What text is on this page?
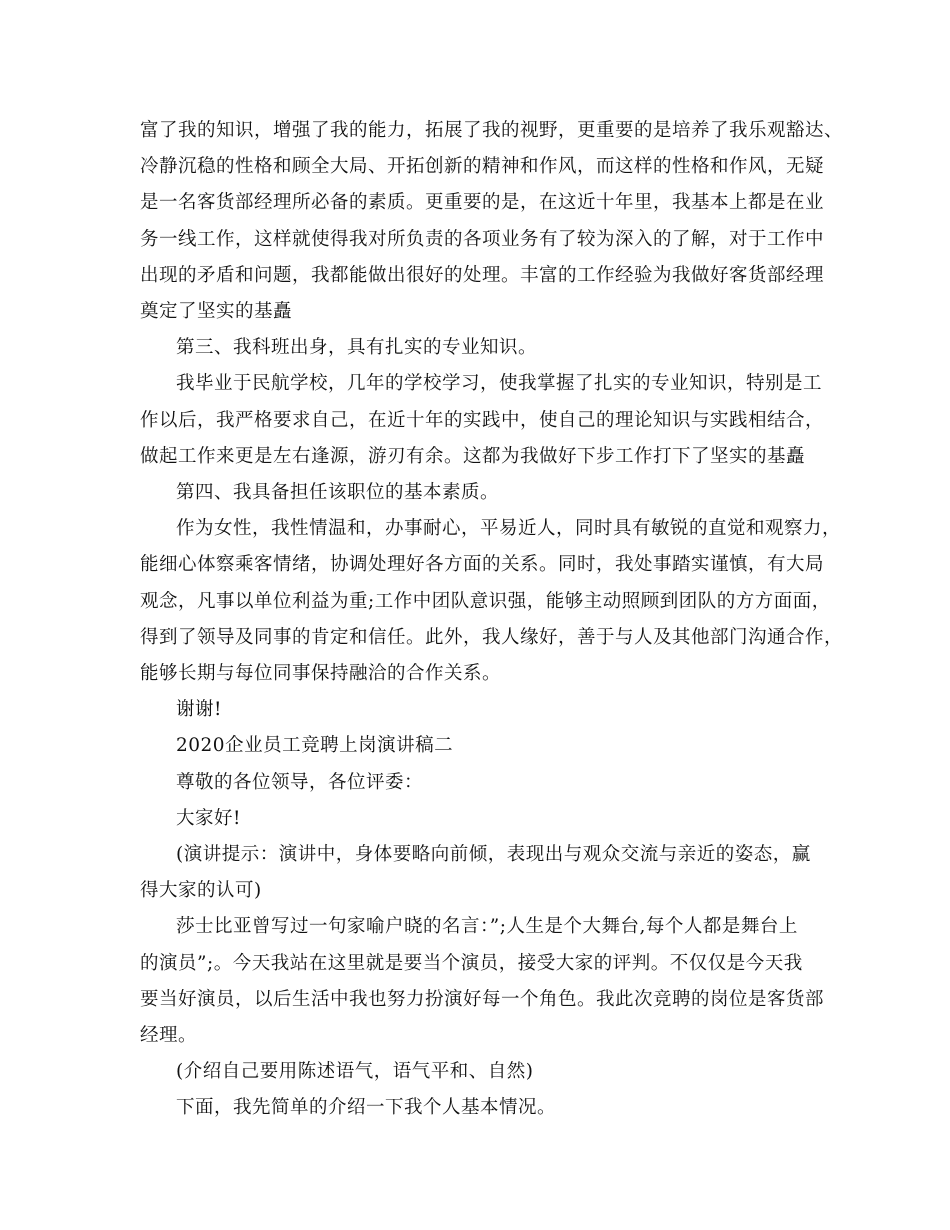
富了我的知识，增强了我的能力，拓展了我的视野，更重要的是培养了我乐观豁达、
冷静沉稳的性格和顾全大局、开拓创新的精神和作风，而这样的性格和作风，无疑
是一名客货部经理所必备的素质。更重要的是，在这近十年里，我基本上都是在业
务一线工作，这样就使得我对所负责的各项业务有了较为深入的了解，对于工作中
出现的矛盾和问题，我都能做出很好的处理。丰富的工作经验为我做好客货部经理
奠定了坚实的基矗
第三、我科班出身，具有扎实的专业知识。
我毕业于民航学校，几年的学校学习，使我掌握了扎实的专业知识，特别是工
作以后，我严格要求自己，在近十年的实践中，使自己的理论知识与实践相结合，
做起工作来更是左右逢源，游刃有余。这都为我做好下步工作打下了坚实的基矗
第四、我具备担任该职位的基本素质。
作为女性，我性情温和，办事耐心，平易近人，同时具有敏锐的直觉和观察力，
能细心体察乘客情绪，协调处理好各方面的关系。同时，我处事踏实谨慎，有大局
观念，凡事以单位利益为重;工作中团队意识强，能够主动照顾到团队的方方面面，
得到了领导及同事的肯定和信任。此外，我人缘好，善于与人及其他部门沟通合作，
能够长期与每位同事保持融洽的合作关系。
谢谢!
2020企业员工竞聘上岗演讲稿二
尊敬的各位领导，各位评委：
大家好!
(演讲提示：演讲中，身体要略向前倾，表现出与观众交流与亲近的姿态，赢
得大家的认可)
莎士比亚曾写过一句家喻户晓的名言：”;人生是个大舞台,每个人都是舞台上
的演员”;。今天我站在这里就是要当个演员，接受大家的评判。不仅仅是今天我
要当好演员，以后生活中我也努力扮演好每一个角色。我此次竞聘的岗位是客货部
经理。
(介绍自己要用陈述语气，语气平和、自然)
下面，我先简单的介绍一下我个人基本情况。
